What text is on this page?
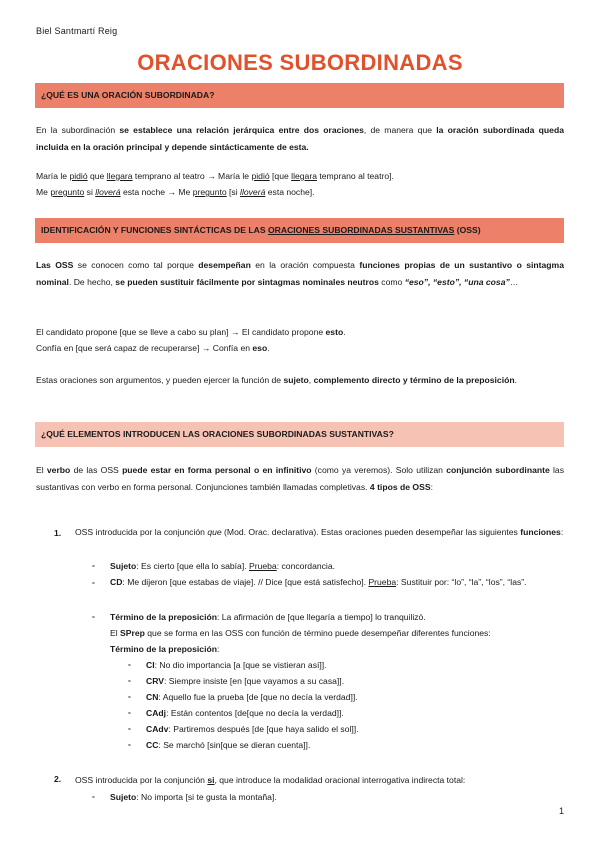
Biel Santmartí Reig
ORACIONES SUBORDINADAS
¿QUÉ ES UNA ORACIÓN SUBORDINADA?
En la subordinación se establece una relación jerárquica entre dos oraciones, de manera que la oración subordinada queda incluida en la oración principal y depende sintácticamente de esta.
María le pidió que llegara temprano al teatro → María le pidió [que llegara temprano al teatro].
Me pregunto si lloverá esta noche → Me pregunto [si lloverá esta noche].
IDENTIFICACIÓN Y FUNCIONES SINTÁCTICAS DE LAS ORACIONES SUBORDINADAS SUSTANTIVAS (OSS)
Las OSS se conocen como tal porque desempeñan en la oración compuesta funciones propias de un sustantivo o sintagma nominal. De hecho, se pueden sustituir fácilmente por sintagmas nominales neutros como “eso”, “esto”, “una cosa”…
El candidato propone [que se lleve a cabo su plan] → El candidato propone esto.
Confía en [que será capaz de recuperarse] → Confía en eso.
Estas oraciones son argumentos, y pueden ejercer la función de sujeto, complemento directo y término de la preposición.
¿QUÉ ELEMENTOS INTRODUCEN LAS ORACIONES SUBORDINADAS SUSTANTIVAS?
El verbo de las OSS puede estar en forma personal o en infinitivo (como ya veremos). Solo utilizan conjunción subordinante las sustantivas con verbo en forma personal. Conjunciones también llamadas completivas. 4 tipos de OSS:
1. OSS introducida por la conjunción que (Mod. Orac. declarativa). Estas oraciones pueden desempeñar las siguientes funciones:
- Sujeto: Es cierto [que ella lo sabía]. Prueba: concordancia.
- CD: Me dijeron [que estabas de viaje]. // Dice [que está satisfecho]. Prueba: Sustituir por: “lo”, “la”, “los”, “las”.
- Término de la preposición: La afirmación de [que llegaría a tiempo] lo tranquilizó.
El SPrep que se forma en las OSS con función de término puede desempeñar diferentes funciones:
Término de la preposición:
- CI: No dio importancia [a [que se vistieran así]].
- CRV: Siempre insiste [en [que vayamos a su casa]].
- CN: Aquello fue la prueba [de [que no decía la verdad]].
- CAdj: Están contentos [de[que no decía la verdad]].
- CAdv: Partiremos después [de [que haya salido el sol]].
- CC: Se marchó [sin[que se dieran cuenta]].
2. OSS introducida por la conjunción si, que introduce la modalidad oracional interrogativa indirecta total:
- Sujeto: No importa [si te gusta la montaña].
1
